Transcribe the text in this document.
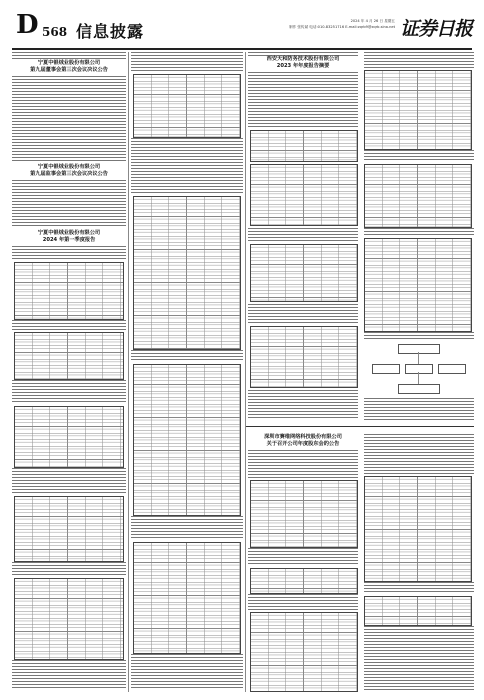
D 568 信息披露
2024 年 4 月 26 日 星期五
制作 张传斌 电话:010-83251716 E-mail:zqrb9@zqrb.sina.net 证券日报
宁夏中银绒业股份有限公司
第九届董事会第三次会议决议公告
宁夏中银绒业股份有限公司
第九届监事会第三次会议决议公告
宁夏中银绒业股份有限公司
2024 年第一季度报告
西安天和防务技术股份有限公司
2023 年年度报告摘要
深圳市赛维网络科技股份有限公司
关于召开公司年度股东会的公告
